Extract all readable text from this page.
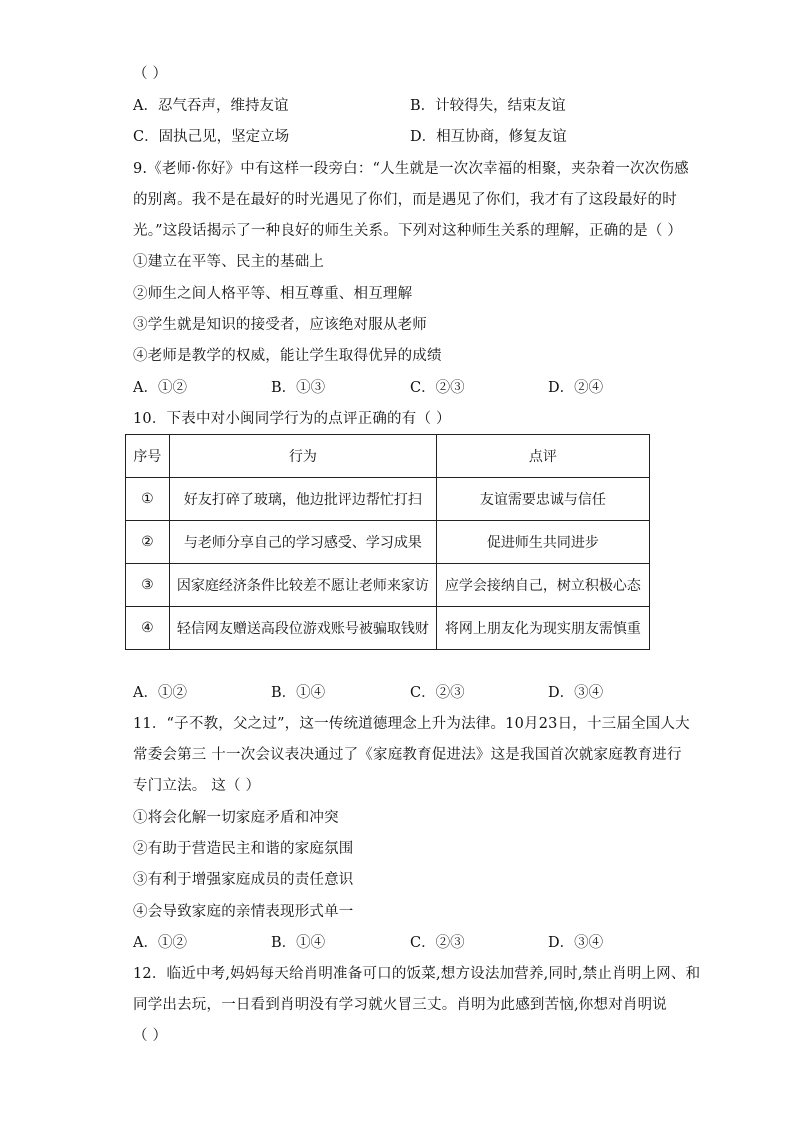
（ ）
A．忍气吞声，维持友谊	B．计较得失，结束友谊
C．固执己见，坚定立场	D．相互协商，修复友谊
9.《老师·你好》中有这样一段旁白：“人生就是一次次幸福的相聚，夹杂着一次次伤感
的别离。我不是在最好的时光遇见了你们，而是遇见了你们，我才有了这段最好的时
光。”这段话揭示了一种良好的师生关系。下列对这种师生关系的理解，正确的是（ ）
①建立在平等、民主的基础上
②师生之间人格平等、相互尊重、相互理解
③学生就是知识的接受者，应该绝对服从老师
④老师是教学的权威，能让学生取得优异的成绩
A．①②	B．①③	C．②③	D．②④
10．下表中对小闽同学行为的点评正确的有（ ）
序号	行为	点评
①	好友打碎了玻璃，他边批评边帮忙打扫	友谊需要忠诚与信任
②	与老师分享自己的学习感受、学习成果	促进师生共同进步
③	因家庭经济条件比较差不愿让老师来家访	应学会接纳自己，树立积极心态
④	轻信网友赠送高段位游戏账号被骗取钱财	将网上朋友化为现实朋友需慎重
A．①②	B．①④	C．②③	D．③④
11．“子不教，父之过”，这一传统道德理念上升为法律。10月23日，十三届全国人大
常委会第三 十一次会议表决通过了《家庭教育促进法》这是我国首次就家庭教育进行
专门立法。 这（ ）
①将会化解一切家庭矛盾和冲突
②有助于营造民主和谐的家庭氛围
③有利于增强家庭成员的责任意识
④会导致家庭的亲情表现形式单一
A．①②	B．①④	C．②③	D．③④
12．临近中考,妈妈每天给肖明准备可口的饭菜,想方设法加营养,同时,禁止肖明上网、和
同学出去玩，一日看到肖明没有学习就火冒三丈。肖明为此感到苦恼,你想对肖明说
（ ）
